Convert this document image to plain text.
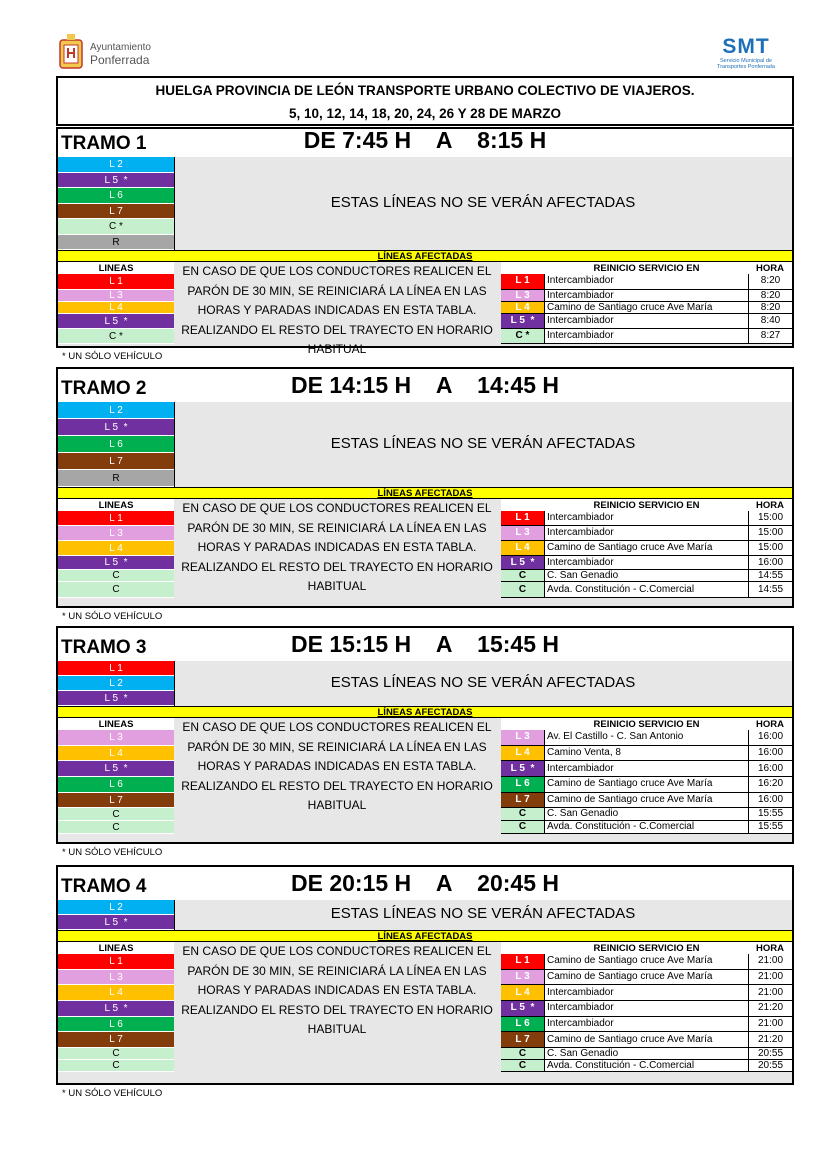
Ayuntamiento
Ponferrada
SMT
Servicio Municipal de
Transportes Ponferrada
HUELGA PROVINCIA DE LEÓN TRANSPORTE URBANO COLECTIVO DE VIAJEROS.
5, 10, 12, 14, 18, 20, 24, 26 Y 28 DE MARZO
TRAMO 1	DE 7:45 H    A    8:15 H
L 2
L 5  *
L 6
L 7
C *
R
ESTAS LÍNEAS NO SE VERÁN AFECTADAS
LÍNEAS AFECTADAS
LINEAS	REINICIO SERVICIO EN	HORA
L 1
L 3
L 4
L 5  *
C *
EN CASO DE QUE LOS CONDUCTORES REALICEN EL
PARÓN DE 30 MIN, SE REINICIARÁ LA LÍNEA EN LAS
HORAS Y PARADAS INDICADAS EN ESTA TABLA.
REALIZANDO EL RESTO DEL TRAYECTO EN HORARIO
HABITUAL
L 1	Intercambiador	8:20
L 3	Intercambiador	8:20
L 4	Camino de Santiago cruce Ave María	8:20
L 5  *	Intercambiador	8:40
C *	Intercambiador	8:27
* UN SÓLO VEHÍCULO
TRAMO 2	DE 14:15 H    A    14:45 H
L 2
L 5  *
L 6
L 7
R
ESTAS LÍNEAS NO SE VERÁN AFECTADAS
LÍNEAS AFECTADAS
LINEAS	REINICIO SERVICIO EN	HORA
L 1
L 3
L 4
L 5  *
C
C
EN CASO DE QUE LOS CONDUCTORES REALICEN EL
PARÓN DE 30 MIN, SE REINICIARÁ LA LÍNEA EN LAS
HORAS Y PARADAS INDICADAS EN ESTA TABLA.
REALIZANDO EL RESTO DEL TRAYECTO EN HORARIO
HABITUAL
L 1	Intercambiador	15:00
L 3	Intercambiador	15:00
L 4	Camino de Santiago cruce Ave María	15:00
L 5  *	Intercambiador	16:00
C	C. San Genadio	14:55
C	Avda. Constitución - C.Comercial	14:55
* UN SÓLO VEHÍCULO
TRAMO 3	DE 15:15 H    A    15:45 H
L 1
L 2
L 5  *
ESTAS LÍNEAS NO SE VERÁN AFECTADAS
LÍNEAS AFECTADAS
LINEAS	REINICIO SERVICIO EN	HORA
L 3
L 4
L 5  *
L 6
L 7
C
C
EN CASO DE QUE LOS CONDUCTORES REALICEN EL
PARÓN DE 30 MIN, SE REINICIARÁ LA LÍNEA EN LAS
HORAS Y PARADAS INDICADAS EN ESTA TABLA.
REALIZANDO EL RESTO DEL TRAYECTO EN HORARIO
HABITUAL
L 3	Av. El Castillo - C. San Antonio	16:00
L 4	Camino Venta, 8	16:00
L 5  *	Intercambiador	16:00
L 6	Camino de Santiago cruce Ave María	16:20
L 7	Camino de Santiago cruce Ave María	16:00
C	C. San Genadio	15:55
C	Avda. Constitución - C.Comercial	15:55
* UN SÓLO VEHÍCULO
TRAMO 4	DE 20:15 H    A    20:45 H
L 2
L 5  *
ESTAS LÍNEAS NO SE VERÁN AFECTADAS
LÍNEAS AFECTADAS
LINEAS	REINICIO SERVICIO EN	HORA
L 1
L 3
L 4
L 5  *
L 6
L 7
C
C
EN CASO DE QUE LOS CONDUCTORES REALICEN EL
PARÓN DE 30 MIN, SE REINICIARÁ LA LÍNEA EN LAS
HORAS Y PARADAS INDICADAS EN ESTA TABLA.
REALIZANDO EL RESTO DEL TRAYECTO EN HORARIO
HABITUAL
L 1	Camino de Santiago cruce Ave María	21:00
L 3	Camino de Santiago cruce Ave María	21:00
L 4	Intercambiador	21:00
L 5  *	Intercambiador	21:20
L 6	Intercambiador	21:00
L 7	Camino de Santiago cruce Ave María	21:20
C	C. San Genadio	20:55
C	Avda. Constitución - C.Comercial	20:55
* UN SÓLO VEHÍCULO
